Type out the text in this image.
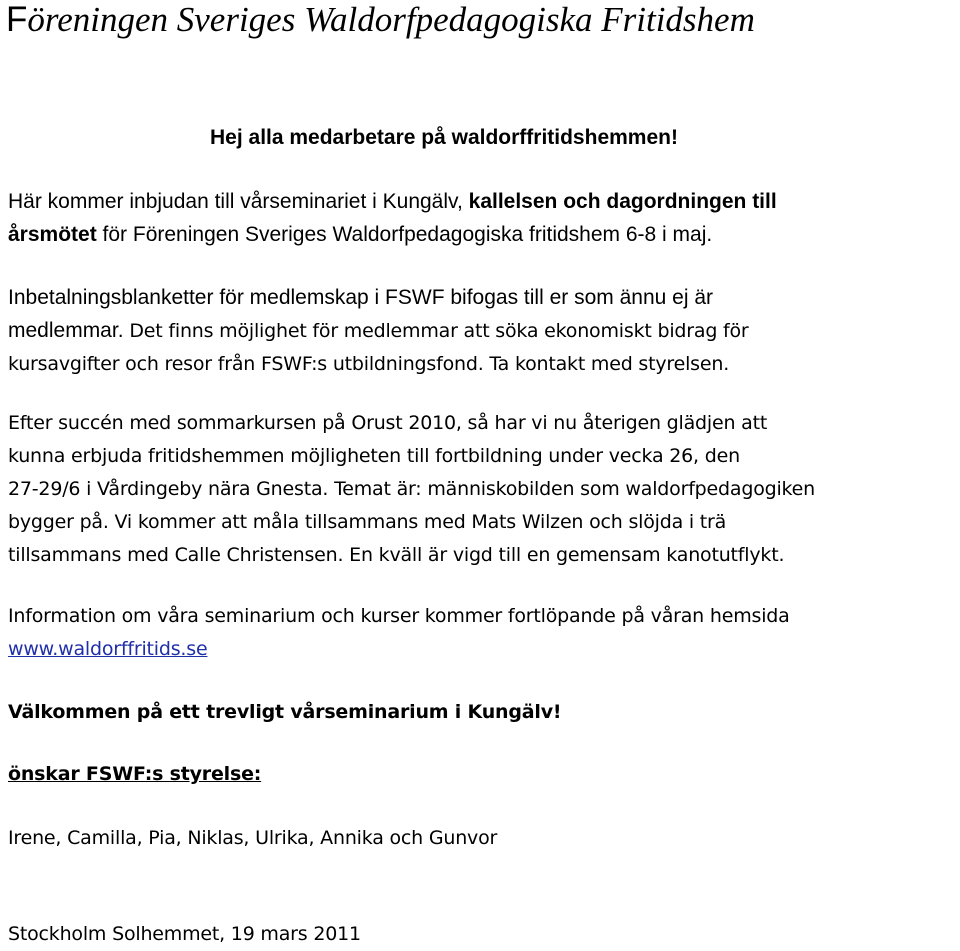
Föreningen Sveriges Waldorfpedagogiska Fritidshem

Hej alla medarbetare på waldorffritidshemmen!

Här kommer inbjudan till vårseminariet i Kungälv, kallelsen och dagordningen till
årsmötet för Föreningen Sveriges Waldorfpedagogiska fritidshem 6-8 i maj.

Inbetalningsblanketter för medlemskap i FSWF bifogas till er som ännu ej är
medlemmar. Det finns möjlighet för medlemmar att söka ekonomiskt bidrag för
kursavgifter och resor från FSWF:s utbildningsfond. Ta kontakt med styrelsen.

Efter succén med sommarkursen på Orust 2010, så har vi nu återigen glädjen att
kunna erbjuda fritidshemmen möjligheten till fortbildning under vecka 26, den
27-29/6 i Vårdingeby nära Gnesta. Temat är: människobilden som waldorfpedagogiken
bygger på. Vi kommer att måla tillsammans med Mats Wilzen och slöjda i trä
tillsammans med Calle Christensen. En kväll är vigd till en gemensam kanotutflykt.

Information om våra seminarium och kurser kommer fortlöpande på våran hemsida
www.waldorffritids.se

Välkommen på ett trevligt vårseminarium i Kungälv!

önskar FSWF:s styrelse:

Irene, Camilla, Pia, Niklas, Ulrika, Annika och Gunvor

Stockholm Solhemmet, 19 mars 2011
